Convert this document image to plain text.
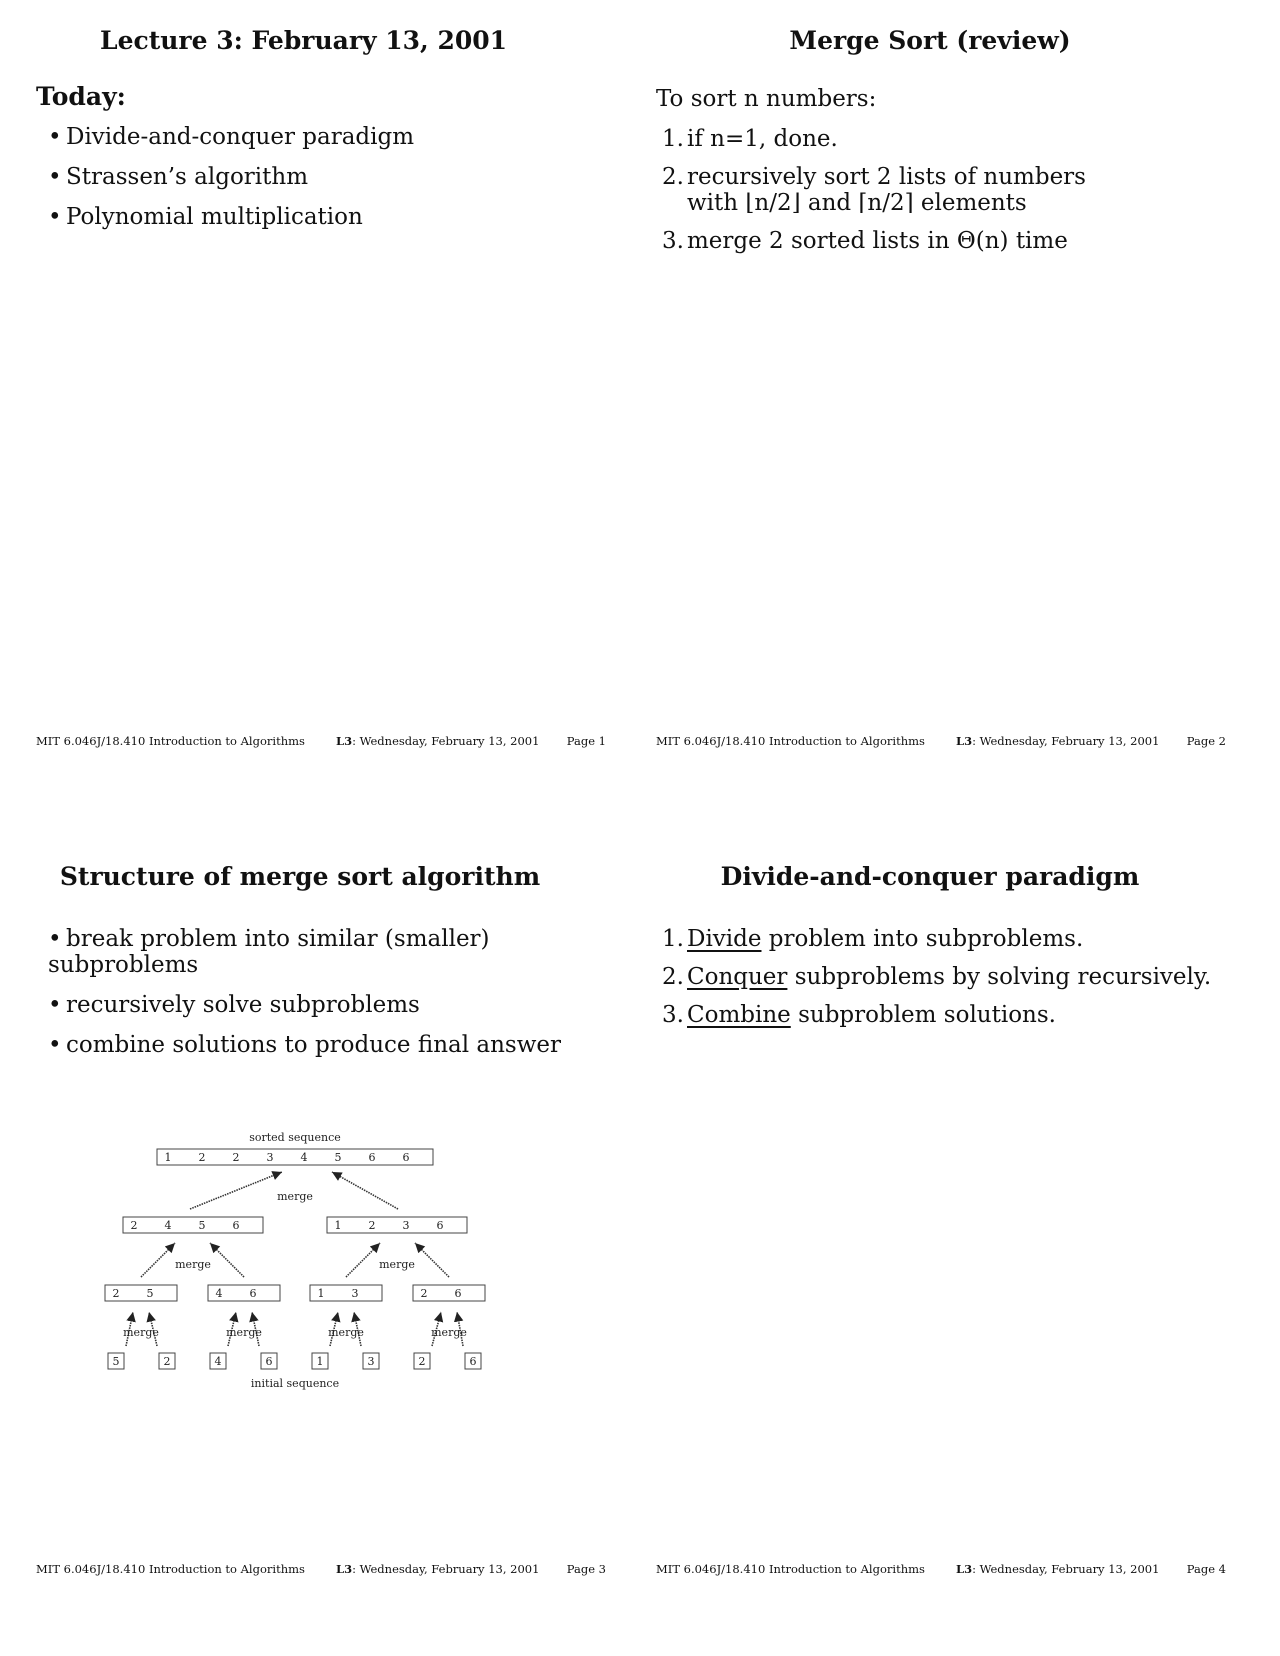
Lecture 3: February 13, 2001
Today:
• Divide-and-conquer paradigm
• Strassen’s algorithm
• Polynomial multiplication
MIT 6.046J/18.410 Introduction to Algorithms	L3: Wednesday, February 13, 2001 Page 1
Merge Sort (review)
To sort n numbers:
1. if n=1, done.
2. recursively sort 2 lists of numbers
with ⌊n/2⌋ and ⌈n/2⌉ elements
3. merge 2 sorted lists in Θ(n) time
MIT 6.046J/18.410 Introduction to Algorithms	L3: Wednesday, February 13, 2001 Page 2
Structure of merge sort algorithm
• break problem into similar (smaller) subproblems
• recursively solve subproblems
• combine solutions to produce final answer
1 2 2 3 4 5 6 6
sorted sequence
2 4 5 6	1 2 3 6
2 5	4 6	1 3	2 6
5	2	4	6	1	3	2	6
initial sequence
merge
merge	merge
merge	merge	merge	merge
MIT 6.046J/18.410 Introduction to Algorithms	L3: Wednesday, February 13, 2001 Page 3
Divide-and-conquer paradigm
1. Divide problem into subproblems.
2. Conquer subproblems by solving recursively.
3. Combine subproblem solutions.
MIT 6.046J/18.410 Introduction to Algorithms	L3: Wednesday, February 13, 2001 Page 4
